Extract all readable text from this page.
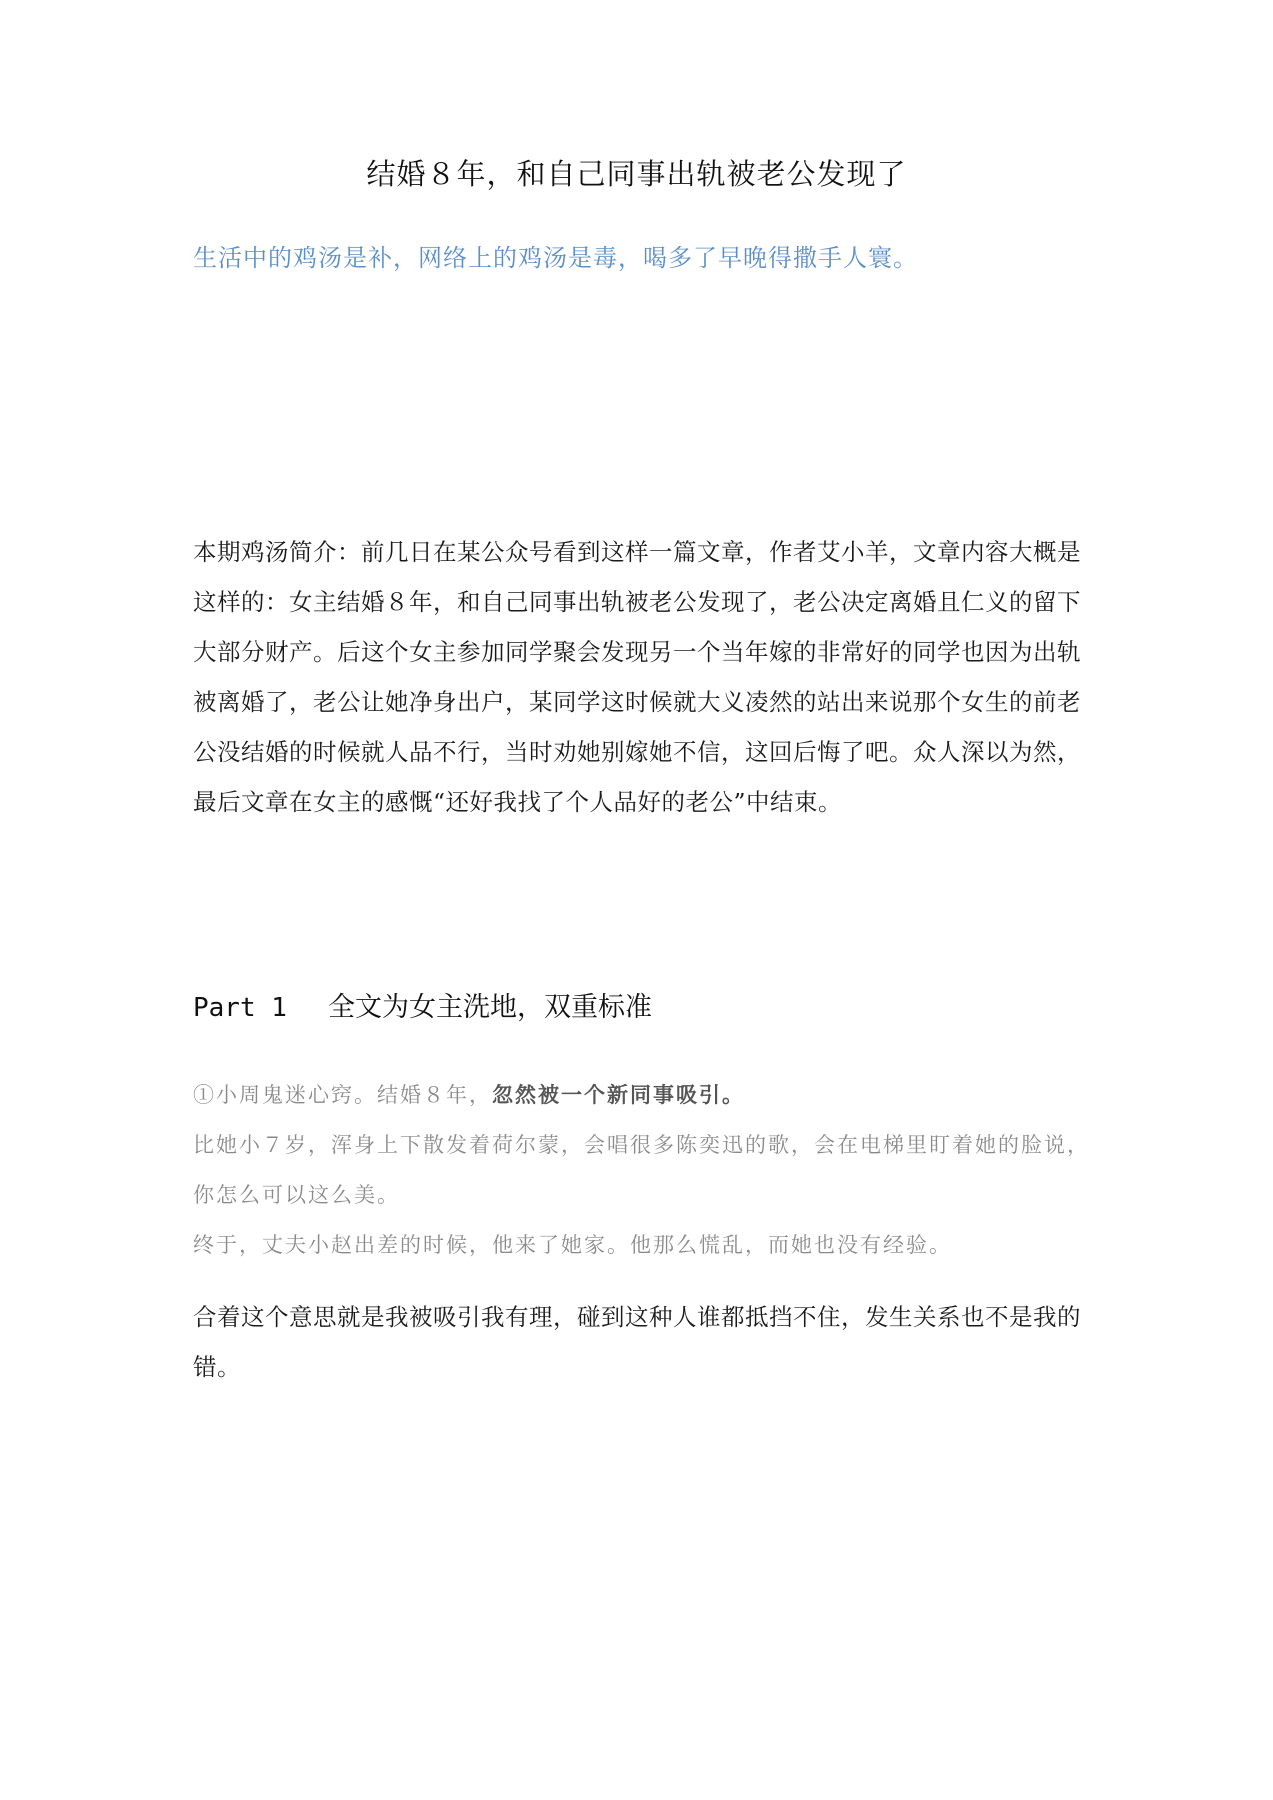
结婚８年，和自己同事出轨被老公发现了
生活中的鸡汤是补，网络上的鸡汤是毒，喝多了早晚得撒手人寰。
本期鸡汤简介：前几日在某公众号看到这样一篇文章，作者艾小羊，文章内容大概是这样的：女主结婚８年，和自己同事出轨被老公发现了，老公决定离婚且仁义的留下大部分财产。后这个女主参加同学聚会发现另一个当年嫁的非常好的同学也因为出轨被离婚了，老公让她净身出户，某同学这时候就大义凌然的站出来说那个女生的前老公没结婚的时候就人品不行，当时劝她别嫁她不信，这回后悔了吧。众人深以为然，最后文章在女主的感慨“还好我找了个人品好的老公”中结束。
Part 1 全文为女主洗地，双重标准

①小周鬼迷心窍。结婚８年，忽然被一个新同事吸引。

比她小７岁，浑身上下散发着荷尔蒙，会唱很多陈奕迅的歌，会在电梯里盯着她的脸说，你怎么可以这么美。

终于，丈夫小赵出差的时候，他来了她家。他那么慌乱，而她也没有经验。

合着这个意思就是我被吸引我有理，碰到这种人谁都抵挡不住，发生关系也不是我的错。
